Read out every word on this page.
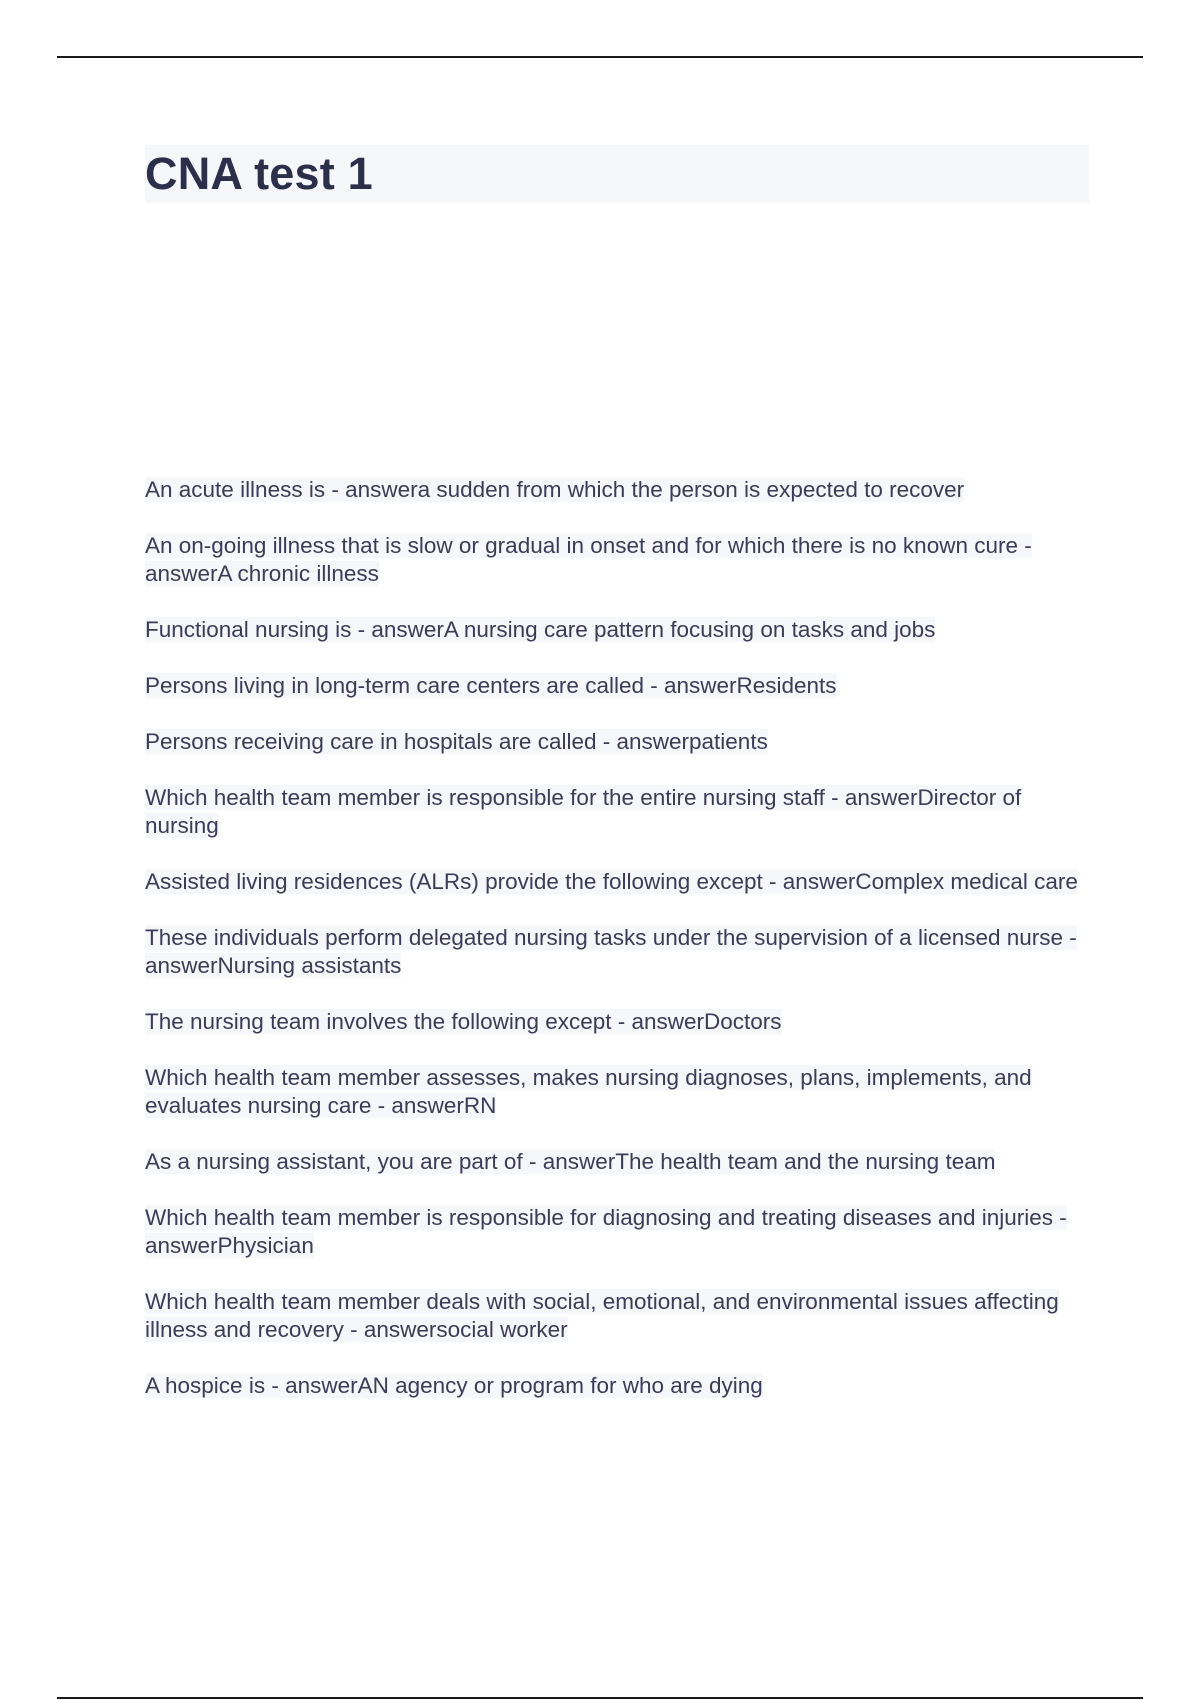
CNA test 1
An acute illness is - answera sudden from which the person is expected to recover
An on-going illness that is slow or gradual in onset and for which there is no known cure - answerA chronic illness
Functional nursing is - answerA nursing care pattern focusing on tasks and jobs
Persons living in long-term care centers are called - answerResidents
Persons receiving care in hospitals are called - answerpatients
Which health team member is responsible for the entire nursing staff - answerDirector of nursing
Assisted living residences (ALRs) provide the following except - answerComplex medical care
These individuals perform delegated nursing tasks under the supervision of a licensed nurse - answerNursing assistants
The nursing team involves the following except - answerDoctors
Which health team member assesses, makes nursing diagnoses, plans, implements, and evaluates nursing care - answerRN
As a nursing assistant, you are part of - answerThe health team and the nursing team
Which health team member is responsible for diagnosing and treating diseases and injuries - answerPhysician
Which health team member deals with social, emotional, and environmental issues affecting illness and recovery - answersocial worker
A hospice is - answerAN agency or program for who are dying
